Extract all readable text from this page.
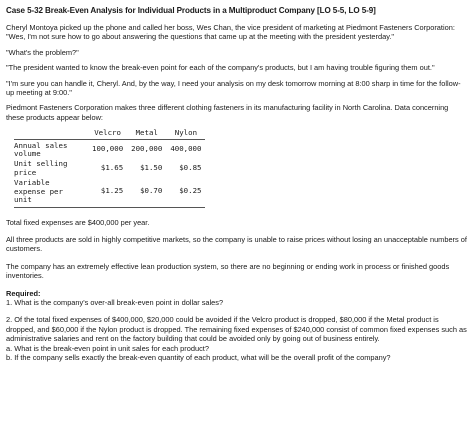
Case 5-32 Break-Even Analysis for Individual Products in a Multiproduct Company [LO 5-5, LO 5-9]

Cheryl Montoya picked up the phone and called her boss, Wes Chan, the vice president of marketing at Piedmont Fasteners Corporation: "Wes, I'm not sure how to go about answering the questions that came up at the meeting with the president yesterday."

"What's the problem?"

"The president wanted to know the break-even point for each of the company's products, but I am having trouble figuring them out."

"I'm sure you can handle it, Cheryl. And, by the way, I need your analysis on my desk tomorrow morning at 8:00 sharp in time for the follow-up meeting at 9:00."

Piedmont Fasteners Corporation makes three different clothing fasteners in its manufacturing facility in North Carolina. Data concerning these products appear below:

	Velcro	Metal	Nylon
Annual sales volume	100,000	200,000	400,000
Unit selling price	$1.65	$1.50	$0.85
Variable expense per unit	$1.25	$0.70	$0.25

Total fixed expenses are $400,000 per year.

All three products are sold in highly competitive markets, so the company is unable to raise prices without losing an unacceptable numbers of customers.

The company has an extremely effective lean production system, so there are no beginning or ending work in process or finished goods inventories.

Required:

1. What is the company's over-all break-even point in dollar sales?

2. Of the total fixed expenses of $400,000, $20,000 could be avoided if the Velcro product is dropped, $80,000 if the Metal product is dropped, and $60,000 if the Nylon product is dropped. The remaining fixed expenses of $240,000 consist of common fixed expenses such as administrative salaries and rent on the factory building that could be avoided only by going out of business entirely.

a. What is the break-even point in unit sales for each product?

b. If the company sells exactly the break-even quantity of each product, what will be the overall profit of the company?
